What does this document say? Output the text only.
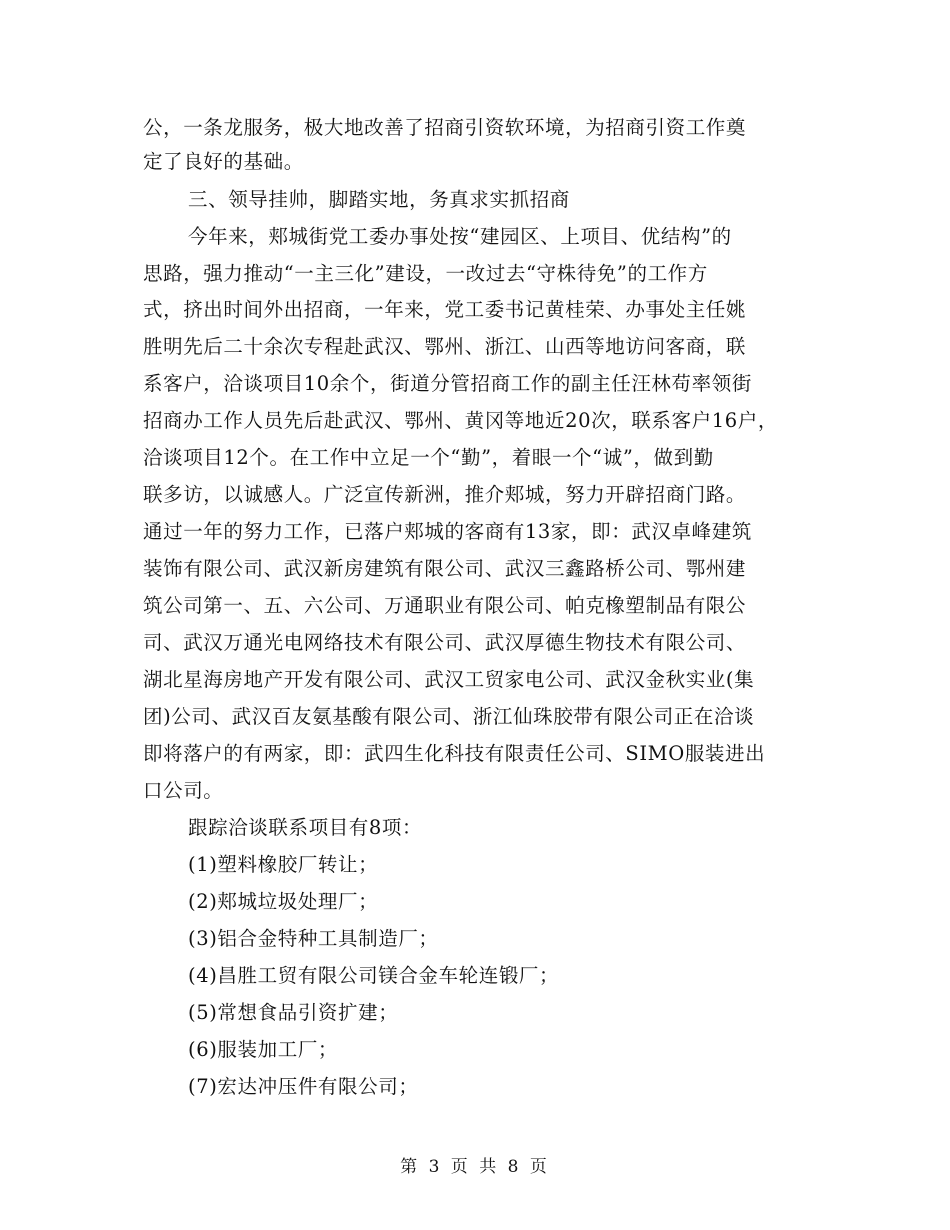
公，一条龙服务，极大地改善了招商引资软环境，为招商引资工作奠
定了良好的基础。
三、领导挂帅，脚踏实地，务真求实抓招商
今年来，郏城街党工委办事处按“建园区、上项目、优结构”的
思路，强力推动“一主三化”建设，一改过去“守株待免”的工作方
式，挤出时间外出招商，一年来，党工委书记黄桂荣、办事处主任姚
胜明先后二十余次专程赴武汉、鄂州、浙江、山西等地访问客商，联
系客户，洽谈项目10余个，街道分管招商工作的副主任汪林苟率领街
招商办工作人员先后赴武汉、鄂州、黄冈等地近20次，联系客户16户，
洽谈项目12个。在工作中立足一个“勤”，着眼一个“诚”，做到勤
联多访，以诚感人。广泛宣传新洲，推介郏城，努力开辟招商门路。
通过一年的努力工作，已落户郏城的客商有13家，即：武汉卓峰建筑
装饰有限公司、武汉新房建筑有限公司、武汉三鑫路桥公司、鄂州建
筑公司第一、五、六公司、万通职业有限公司、帕克橡塑制品有限公
司、武汉万通光电网络技术有限公司、武汉厚德生物技术有限公司、
湖北星海房地产开发有限公司、武汉工贸家电公司、武汉金秋实业(集
团)公司、武汉百友氨基酸有限公司、浙江仙珠胶带有限公司正在洽谈
即将落户的有两家，即：武四生化科技有限责任公司、SIMO服装进出
口公司。
跟踪洽谈联系项目有8项：
(1)塑料橡胶厂转让；
(2)郏城垃圾处理厂；
(3)铝合金特种工具制造厂；
(4)昌胜工贸有限公司镁合金车轮连锻厂；
(5)常想食品引资扩建；
(6)服装加工厂；
(7)宏达冲压件有限公司；
第 3 页 共 8 页
